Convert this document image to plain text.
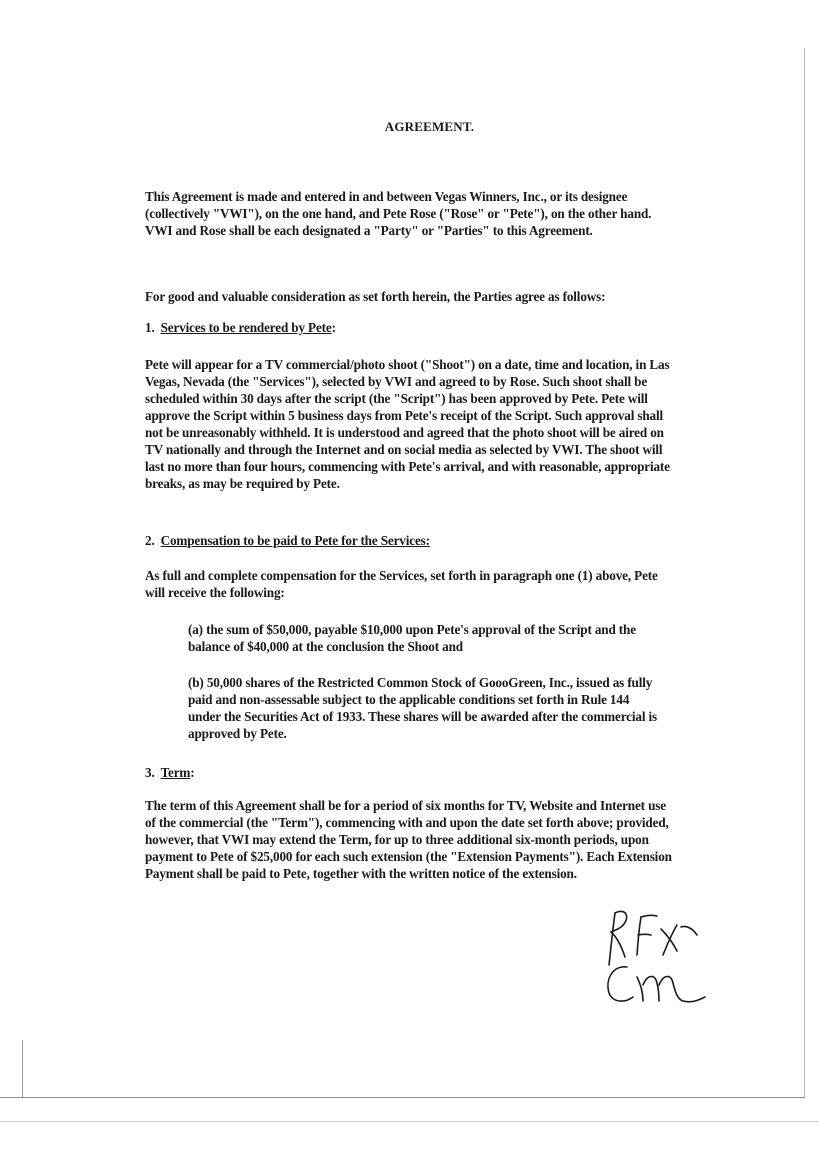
AGREEMENT.

This Agreement is made and entered in and between Vegas Winners, Inc., or its designee (collectively "VWI"), on the one hand, and Pete Rose ("Rose" or "Pete"), on the other hand. VWI and Rose shall be each designated a "Party" or "Parties" to this Agreement.

For good and valuable consideration as set forth herein, the Parties agree as follows:

1. Services to be rendered by Pete:

Pete will appear for a TV commercial/photo shoot ("Shoot") on a date, time and location, in Las Vegas, Nevada (the "Services"), selected by VWI and agreed to by Rose. Such shoot shall be scheduled within 30 days after the script (the "Script") has been approved by Pete. Pete will approve the Script within 5 business days from Pete's receipt of the Script. Such approval shall not be unreasonably withheld. It is understood and agreed that the photo shoot will be aired on TV nationally and through the Internet and on social media as selected by VWI. The shoot will last no more than four hours, commencing with Pete's arrival, and with reasonable, appropriate breaks, as may be required by Pete.

2. Compensation to be paid to Pete for the Services:

As full and complete compensation for the Services, set forth in paragraph one (1) above, Pete will receive the following:

(a) the sum of $50,000, payable $10,000 upon Pete's approval of the Script and the balance of $40,000 at the conclusion the Shoot and

(b) 50,000 shares of the Restricted Common Stock of GoooGreen, Inc., issued as fully paid and non-assessable subject to the applicable conditions set forth in Rule 144 under the Securities Act of 1933. These shares will be awarded after the commercial is approved by Pete.

3. Term:

The term of this Agreement shall be for a period of six months for TV, Website and Internet use of the commercial (the "Term"), commencing with and upon the date set forth above; provided, however, that VWI may extend the Term, for up to three additional six-month periods, upon payment to Pete of $25,000 for each such extension (the "Extension Payments"). Each Extension Payment shall be paid to Pete, together with the written notice of the extension.
